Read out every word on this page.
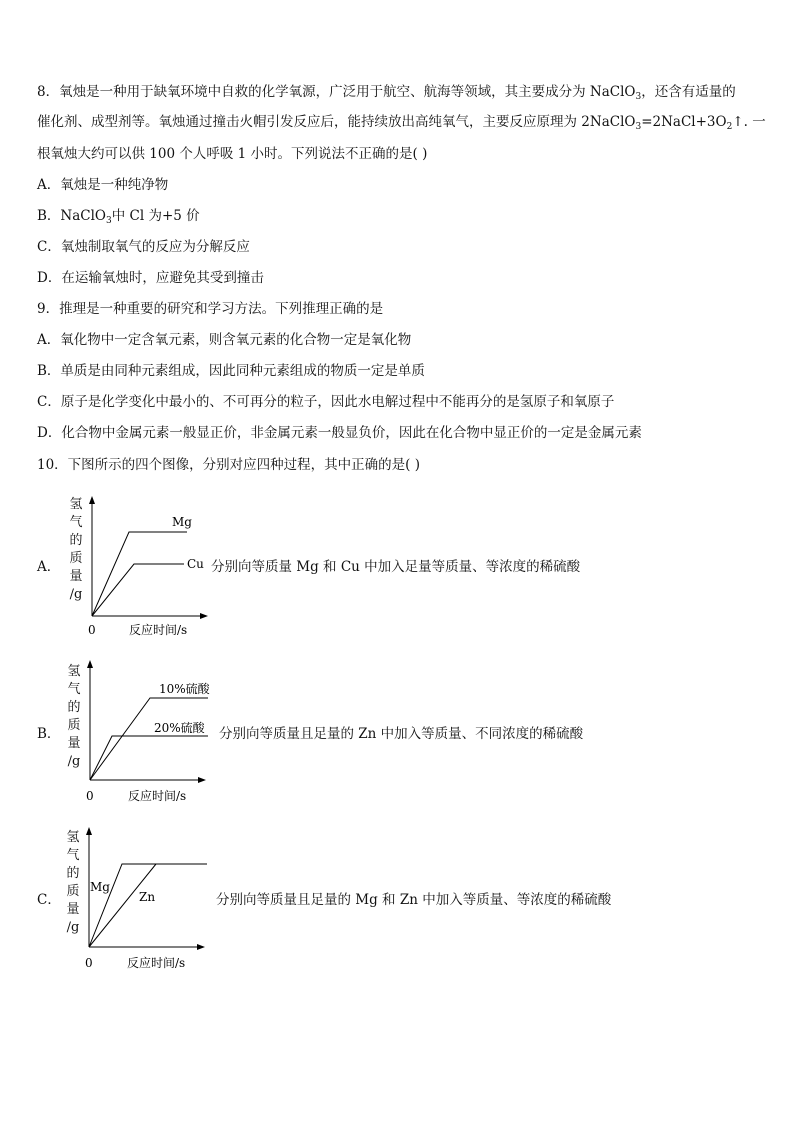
8．氧烛是一种用于缺氧环境中自救的化学氧源，广泛用于航空、航海等领域，其主要成分为 NaClO$_3$，还含有适量的
催化剂、成型剂等。氧烛通过撞击火帽引发反应后，能持续放出高纯氧气，主要反应原理为 $2NaClO_3=2NaCl+3O_2↑$. 一
根氧烛大约可以供 100 个人呼吸 1 小时。下列说法不正确的是( )
A．氧烛是一种纯净物
B．NaClO$_3$中 Cl 为+5 价
C．氧烛制取氧气的反应为分解反应
D．在运输氧烛时，应避免其受到撞击
9．推理是一种重要的研究和学习方法。下列推理正确的是
A．氧化物中一定含氧元素，则含氧元素的化合物一定是氧化物
B．单质是由同种元素组成，因此同种元素组成的物质一定是单质
C．原子是化学变化中最小的、不可再分的粒子，因此水电解过程中不能再分的是氢原子和氧原子
D．化合物中金属元素一般显正价，非金属元素一般显负价，因此在化合物中显正价的一定是金属元素
10．下图所示的四个图像，分别对应四种过程，其中正确的是( )
A．
氢
气
的
质
量
/g
Mg
Cu
0	反应时间/s
分别向等质量 Mg 和 Cu 中加入足量等质量、等浓度的稀硫酸
B．
氢
气
的
质
量
/g
10%硫酸
20%硫酸
0	反应时间/s
分别向等质量且足量的 Zn 中加入等质量、不同浓度的稀硫酸
C．
氢
气
的
质
量
/g
Mg
Zn
0	反应时间/s
分别向等质量且足量的 Mg 和 Zn 中加入等质量、等浓度的稀硫酸
